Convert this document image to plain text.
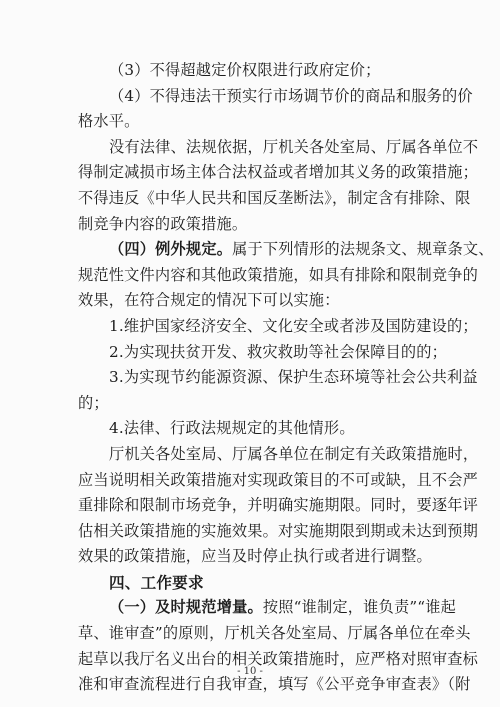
（3）不得超越定价权限进行政府定价；
（4）不得违法干预实行市场调节价的商品和服务的价
格水平。
没有法律、法规依据，厅机关各处室局、厅属各单位不
得制定减损市场主体合法权益或者增加其义务的政策措施；
不得违反《中华人民共和国反垄断法》，制定含有排除、限
制竞争内容的政策措施。
（四）例外规定。属于下列情形的法规条文、规章条文、
规范性文件内容和其他政策措施，如具有排除和限制竞争的
效果，在符合规定的情况下可以实施：
1.维护国家经济安全、文化安全或者涉及国防建设的；
2.为实现扶贫开发、救灾救助等社会保障目的的；
3.为实现节约能源资源、保护生态环境等社会公共利益
的；
4.法律、行政法规规定的其他情形。
厅机关各处室局、厅属各单位在制定有关政策措施时，
应当说明相关政策措施对实现政策目的不可或缺，且不会严
重排除和限制市场竞争，并明确实施期限。同时，要逐年评
估相关政策措施的实施效果。对实施期限到期或未达到预期
效果的政策措施，应当及时停止执行或者进行调整。
四、工作要求
（一）及时规范增量。按照“谁制定，谁负责”“谁起
草、谁审查”的原则，厅机关各处室局、厅属各单位在牵头
起草以我厅名义出台的相关政策措施时，应严格对照审查标
准和审查流程进行自我审查，填写《公平竞争审查表》（附
- 10 -
